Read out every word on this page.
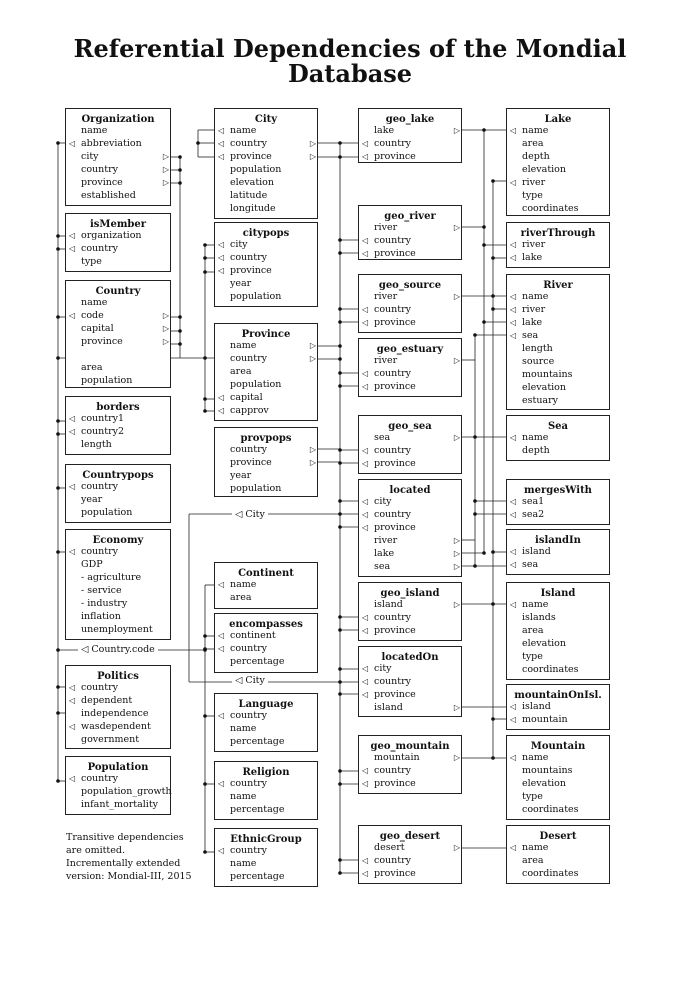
Referential Dependencies of the Mondial
Database
Organization
name
abbreviation
◁
city	▷
country	▷
province	▷
established
isMember
organization
◁
country
◁
type
Country
name
code
◁	▷
capital	▷
province	▷
area
population
borders
country1
◁
country2
◁
length
Countrypops
country
◁
year
population
Economy
country
◁
GDP
- agriculture
- service
- industry
inflation
unemployment
Politics
country
◁
dependent
◁
independence
wasdependent
◁
government
Population
country
◁
population_growth
infant_mortality
City
name
◁
country
◁	▷
province
◁	▷
population
elevation
latitude
longitude
citypops
city
◁
country
◁
province
◁
year
population
Province
name	▷
country	▷
area
population
capital
◁
capprov
◁
provpops
country	▷
province	▷
year
population
Continent
name
◁
area
encompasses
continent
◁
country
◁
percentage
Language
country
◁
name
percentage
Religion
country
◁
name
percentage
EthnicGroup
country
◁
name
percentage
geo_lake
lake	▷
country
◁
province
◁
geo_river
river	▷
country
◁
province
◁
geo_source
river	▷
country
◁
province
◁
geo_estuary
river	▷
country
◁
province
◁
geo_sea
sea	▷
country
◁
province
◁
located
city
◁
country
◁
province
◁
river	▷
lake	▷
sea	▷
geo_island
island	▷
country
◁
province
◁
locatedOn
city
◁
country
◁
province
◁
island	▷
geo_mountain
mountain	▷
country
◁
province
◁
geo_desert
desert	▷
country
◁
province
◁
Lake
name
◁
area
depth
elevation
river
◁
type
coordinates
riverThrough
river
◁
lake
◁
River
name
◁
river
◁
lake
◁
sea
◁
length
source
mountains
elevation
estuary
Sea
name
◁
depth
mergesWith
sea1
◁
sea2
◁
islandIn
island
◁
sea
◁
Island
name
◁
islands
area
elevation
type
coordinates
mountainOnIsl.
island
◁
mountain
◁
Mountain
name
◁
mountains
elevation
type
coordinates
Desert
name
◁
area
coordinates
◁ City
◁ Country.code
◁ City
Transitive dependencies
are omitted.
Incrementally extended
version: Mondial-III, 2015
